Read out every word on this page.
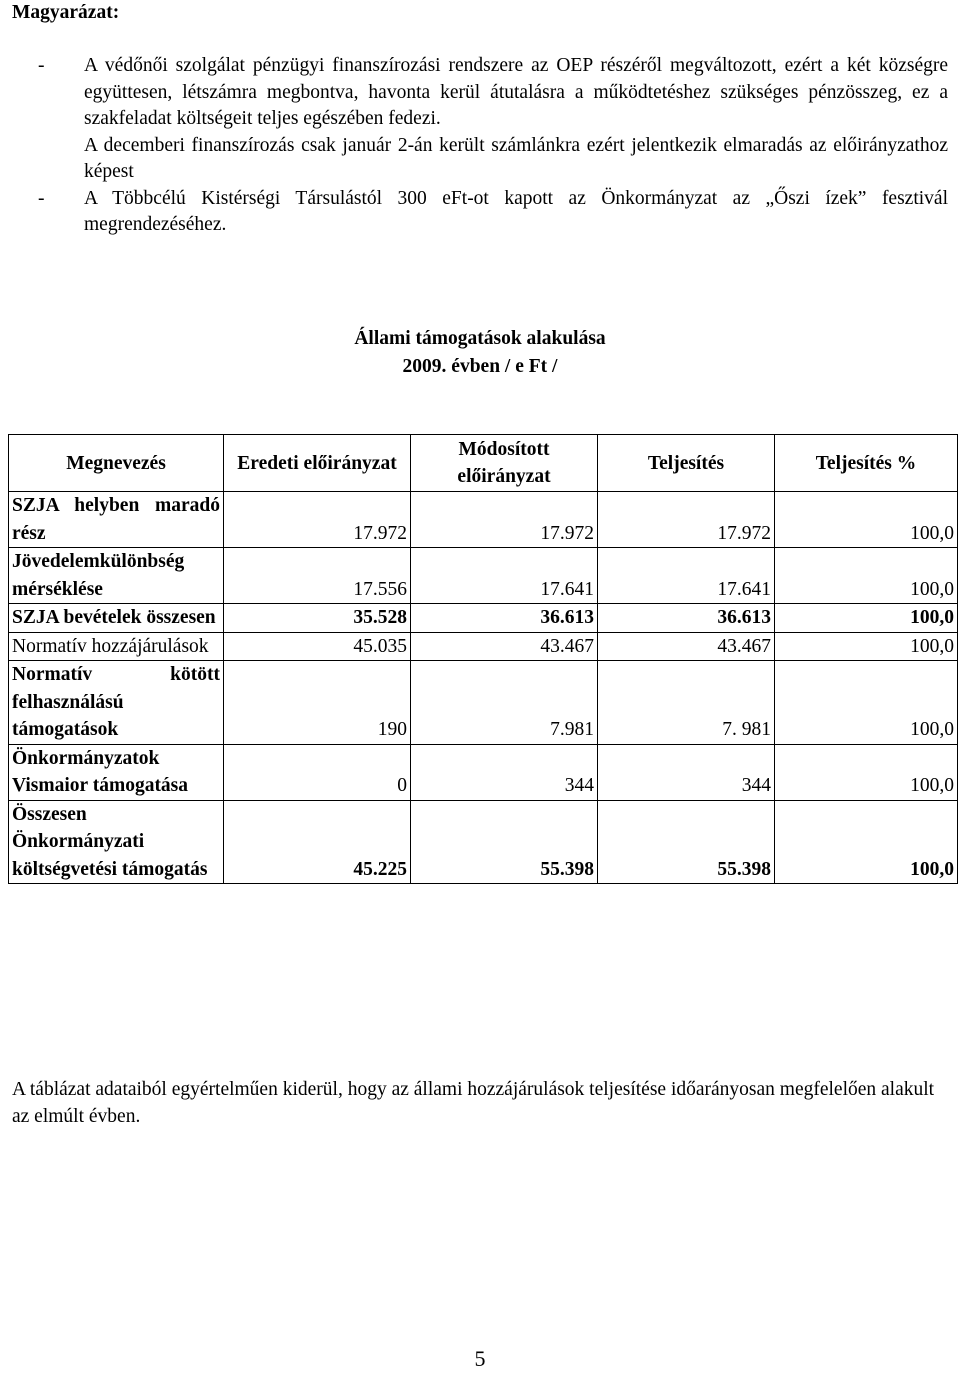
Magyarázat:
- A védőnői szolgálat pénzügyi finanszírozási rendszere az OEP részéről megváltozott, ezért a két községre együttesen, létszámra megbontva, havonta kerül átutalásra a működtetéshez szükséges pénzösszeg, ez a szakfeladat költségeit teljes egészében fedezi.

A decemberi finanszírozás csak január 2-án került számlánkra ezért jelentkezik elmaradás az előirányzathoz képest

- A Többcélú Kistérségi Társulástól 300 eFt-ot kapott az Önkormányzat az „Őszi ízek” fesztivál megrendezéséhez.

Állami támogatások alakulása
2009. évben / e Ft /
Megnevezés	Eredeti előirányzat	Módosított előirányzat	Teljesítés	Teljesítés %
SZJA helyben maradó rész	17.972	17.972	17.972	100,0
Jövedelemkülönbség mérséklése	17.556	17.641	17.641	100,0
SZJA bevételek összesen	35.528	36.613	36.613	100,0
Normatív hozzájárulások	45.035	43.467	43.467	100,0
Normatív kötött felhasználású támogatások	190	7.981	7. 981	100,0
Önkormányzatok Vismaior támogatása	0	344	344	100,0
Összesen Önkormányzati költségvetési támogatás	45.225	55.398	55.398	100,0
A táblázat adataiból egyértelműen kiderül, hogy az állami hozzájárulások teljesítése időarányosan megfelelően alakult az elmúlt évben.
5
